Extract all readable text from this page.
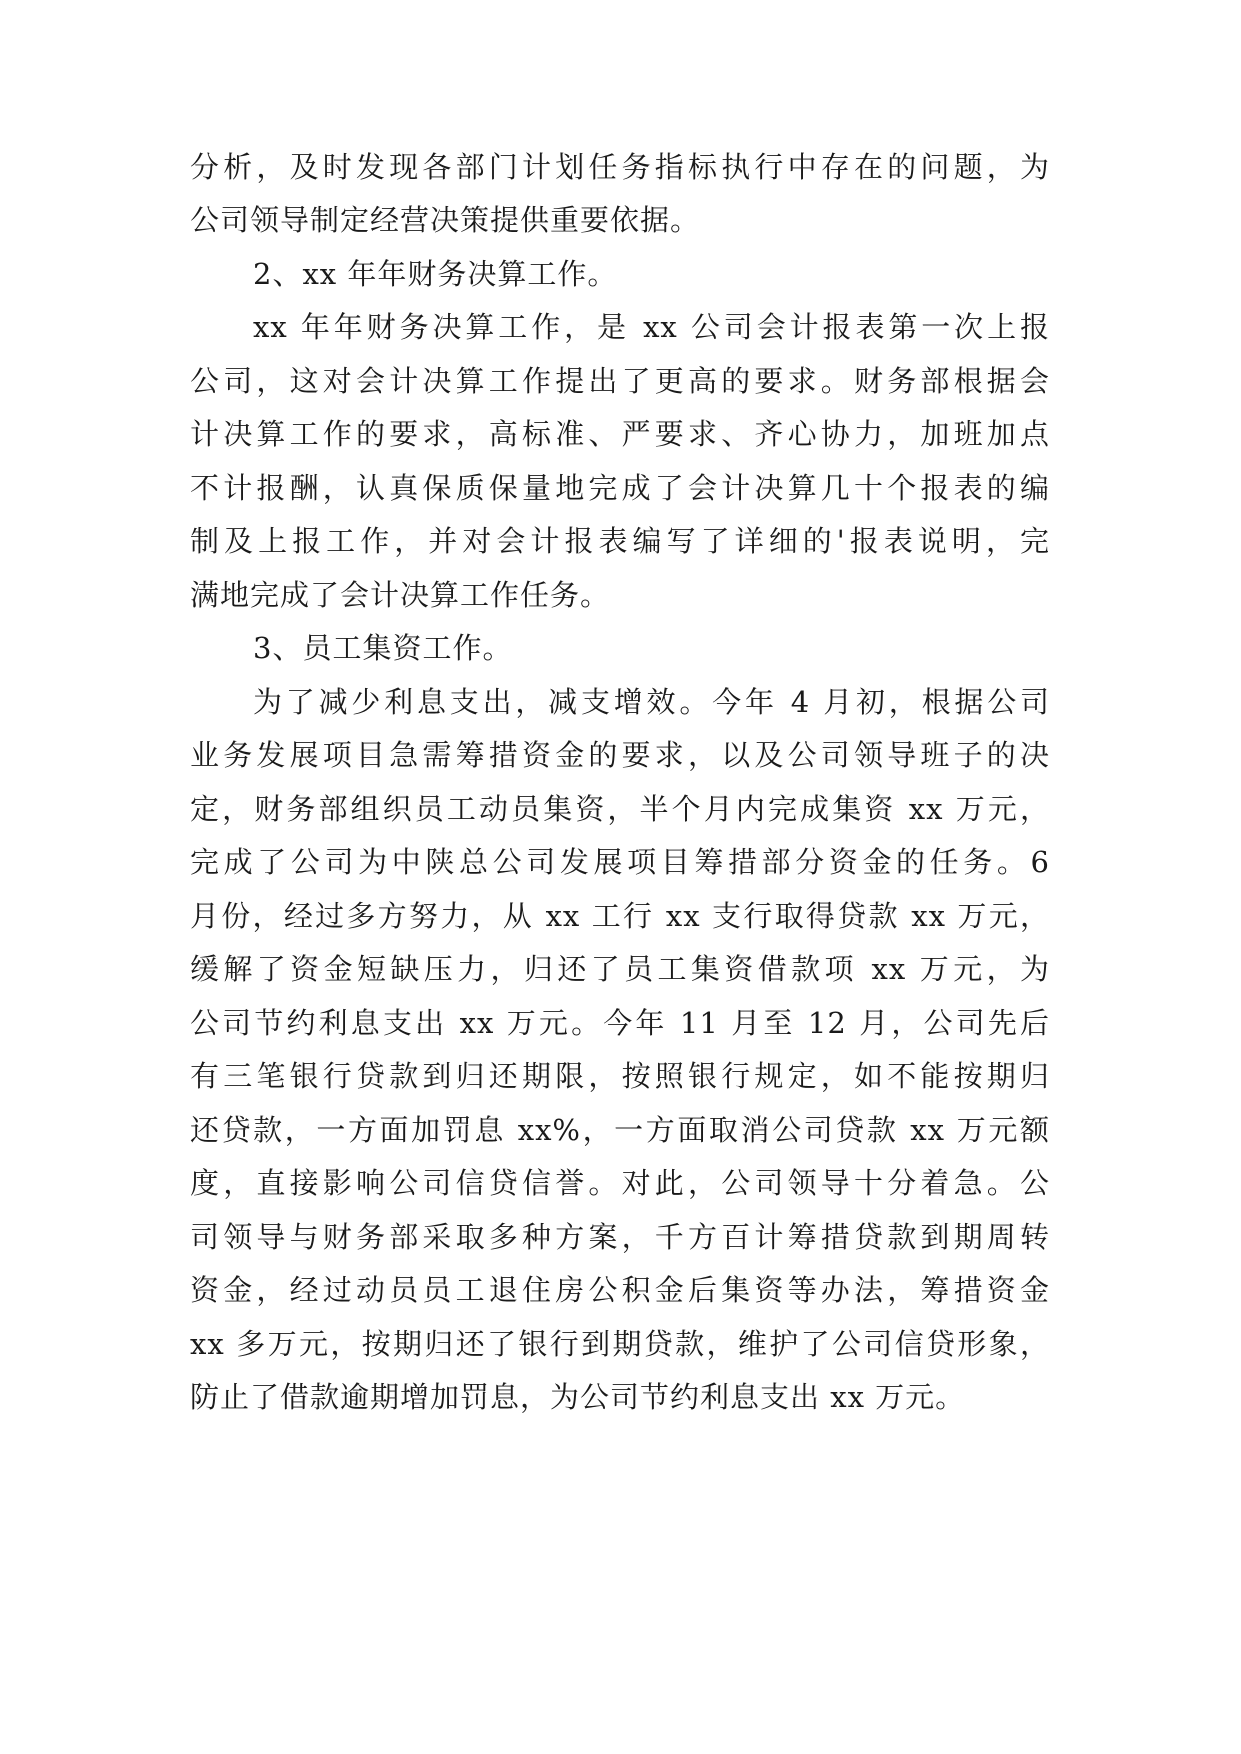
分析，及时发现各部门计划任务指标执行中存在的问题，为
公司领导制定经营决策提供重要依据。
2、xx 年年财务决算工作。
xx 年年财务决算工作，是 xx 公司会计报表第一次上报
公司，这对会计决算工作提出了更高的要求。财务部根据会
计决算工作的要求，高标准、严要求、齐心协力，加班加点
不计报酬，认真保质保量地完成了会计决算几十个报表的编
制及上报工作，并对会计报表编写了详细的'报表说明，完
满地完成了会计决算工作任务。
3、员工集资工作。
为了减少利息支出，减支增效。今年 4 月初，根据公司
业务发展项目急需筹措资金的要求，以及公司领导班子的决
定，财务部组织员工动员集资，半个月内完成集资 xx 万元，
完成了公司为中陕总公司发展项目筹措部分资金的任务。6
月份，经过多方努力，从 xx 工行 xx 支行取得贷款 xx 万元，
缓解了资金短缺压力，归还了员工集资借款项 xx 万元，为
公司节约利息支出 xx 万元。今年 11 月至 12 月，公司先后
有三笔银行贷款到归还期限，按照银行规定，如不能按期归
还贷款，一方面加罚息 xx%，一方面取消公司贷款 xx 万元额
度，直接影响公司信贷信誉。对此，公司领导十分着急。公
司领导与财务部采取多种方案，千方百计筹措贷款到期周转
资金，经过动员员工退住房公积金后集资等办法，筹措资金
xx 多万元，按期归还了银行到期贷款，维护了公司信贷形象，
防止了借款逾期增加罚息，为公司节约利息支出 xx 万元。
